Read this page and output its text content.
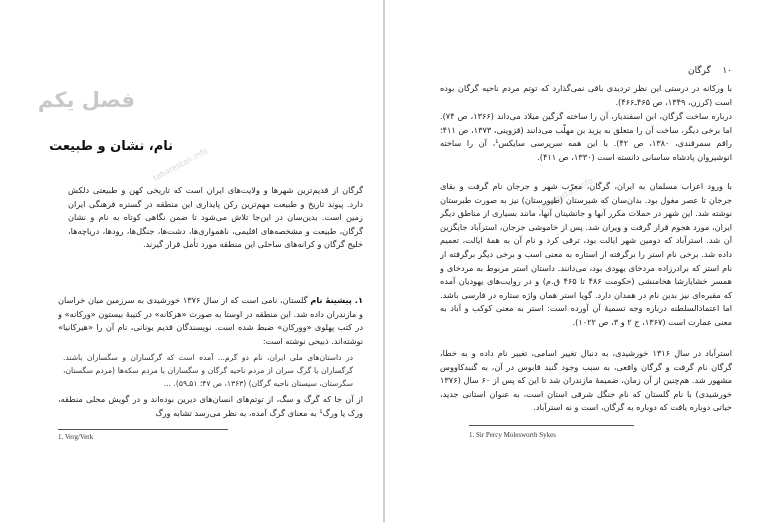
فصل یکم
نام، نشان و طبیعت
tabarestan.info

گرگان از قدیم‌ترین شهرها و ولایت‌های ایران است که تاریخی کهن و طبیعتی دلکش دارد. پیوند تاریخ و طبیعت مهم‌ترین رکن پایداری این منطقه در گستره فرهنگی ایران زمین است. بدین‌سان در این‌جا تلاش می‌شود تا ضمن نگاهی کوتاه به نام و نشان گرگان، طبیعت و مشخصه‌های اقلیمی، ناهمواری‌ها، دشت‌ها، جنگل‌ها، رودها، دریاچه‌ها، خلیج گرگان و کرانه‌های ساحلی این منطقه مورد تأمل قرار گیرند.

۱. پیشینهٔ نام گلستان، نامی است که از سال ۱۳۷۶ خورشیدی به سرزمین میان خراسان و مازندران داده شد. این منطقه در اوستا به صورت «هرکانه» در کتیبهٔ بیستون «ورکانه» و در کتب پهلوی «وورکان» ضبط شده است. نویسندگان قدیم یونانی، نام آن را «هیرکانیا» نوشته‌اند. ذبیحی نوشته است:

در داستان‌های ملی ایران، نام دو گرم... آمده است که گرگساران و سگساران باشند. گرگساران یا گرگ سران از مردم ناحیه گرگان و سگساران یا مردم سکه‌ها (مردم سگستان، سگزستان، سیستان ناحیه گرگان) (۱۳۶۳، ص ۴۷؛ ۵۱ـ۵۹). ...

از آن جا که گرگ و سگ، از توتم‌های انسان‌های دیرین بوده‌اند و در گویش محلی منطقه، ورک یا ورگ¹ به معنای گرگ آمده، به نظر می‌رسد تشابه ورگ

1. Verg/Verk
۱۰    گرگان

با ورکانه در درستی این نظر تردیدی باقی نمی‌گذارد که توتم مردم ناحیه گرگان بوده است (کرزن، ۱۳۴۹، ص ۴۶۵ـ۴۶۶).

درباره ساخت گرگان، ابن اسفندیار، آن را ساخته گرگین میلاد می‌داند (۱۳۶۶، ص ۷۴). اما برخی دیگر، ساخت آن را متعلق به یزید بن مهلّب می‌دانند (قزوینی، ۱۳۷۳، ص ۴۱۱؛ راقم سمرقندی، ۱۳۸۰، ص ۴۲). با این همه سرپرسی سایکس¹، آن را ساخته انوشیروان پادشاه ساسانی دانسته است (۱۳۳۰، ص ۴۱۱).

tabarestan.info

با ورود اعراب مسلمان به ایران، گرگان، معرّب شهر و جرجان نام گرفت و بقای جرجان تا عصر مغول بود. بدان‌سان که شیرستان (طپورستان) نیز به صورت طبرستان نوشته شد. این شهر در حملات مکرر آنها و جانشینان آنها، مانند بسیاری از مناطق دیگر ایران، مورد هجوم قرار گرفت و ویران شد. پس از خاموشی جرجان، استرآباد جایگزین آن شد. استرآباد که دومین شهر ایالت بود، ترقی کرد و نام آن به همهٔ ایالت، تعمیم داده شد. برخی نام استر را برگرفته از استاره به معنی اسب و برخی دیگر برگرفته از نام استر که برادرزاده مردخای یهودی بود، می‌دانند. داستان استر مربوط به مردخای و همسر خشایارشا هخامنشی (حکومت ۴۸۶ تا ۴۶۵ ق.م) و در روایت‌های یهودیان آمده که مقبره‌ای نیز بدین نام در همدان دارد. گویا استر همان واژه ستاره در فارسی باشد. اما اعتمادالسلطنه درباره وجه تسمیهٔ آن آورده است: استر به معنی کوکب و آباد به معنی عمارت است (۱۳۶۷، ج ۲ و ۳، ص ۱۰۲۲).

استرآباد در سال ۱۳۱۶ خورشیدی، به دنبال تغییر اسامی، تغییر نام داده و به خطا، گرگان نام گرفت و گرگان واقعی، به سبب وجود گنبد قابوس در آن، به گنبدکاووس مشهور شد. هم‌چنین از آن زمان، ضمیمهٔ مازندران شد تا این که پس از ۶۰ سال (۱۳۷۶ خورشیدی) با نام گلستان که نام جنگل شرقی استان است، به عنوان استانی جدید، حیاتی دوباره یافت که دوباره به گرگان، است و نه استرآباد.

1. Sir Percy Molesworth Sykes
